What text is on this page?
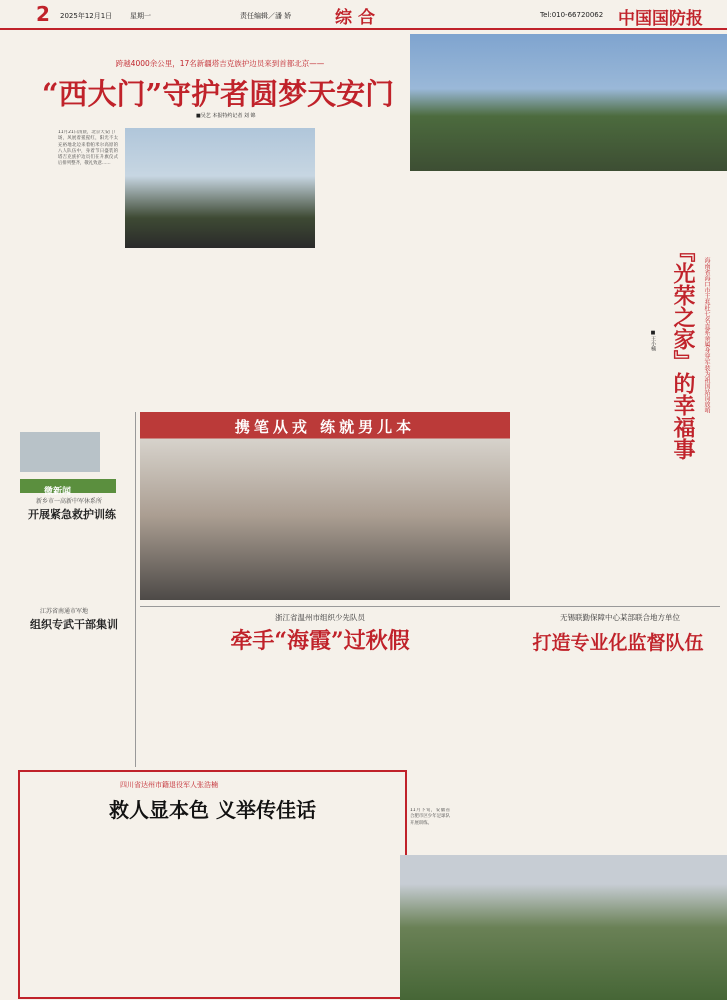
2 2025年12月1日	星期一	责任编辑／潘 娇	综合	Tel:010-66720062 中国国防报
跨越4000余公里，17名新疆塔吉克族护边员来到首都北京——
“西大门”守护者圆梦天安门
■吴艺 本报特约记者 刘 锦
11月21日清晨，北京天安门广场，风展着猩猩红，阳光不太充裕地北边来着帕米尔高原的八人队伍中，身着节日盛装的塔吉克族护边员们在升旗仪式后排列整齐，敬礼致意……
『光荣之家』的幸福事	海南省海口市王兆杜七名直系亲属身穿军装为祖国站岗放哨
■王小楠
微新闻
新乡市一高新中军休系所
开展紧急救护训练
江苏省南通市军地
组织专武干部集训
携笔从戎 练就男儿本
浙江省温州市组织少先队员
牵手“海霞”过秋假
无锡联勤保障中心某部联合地方单位
打造专业化监督队伍
四川省达州市籍退役军人张浩楠
救人显本色 义举传佳话	11月下旬，安徽省合肥市区少年足球队开展训练。
